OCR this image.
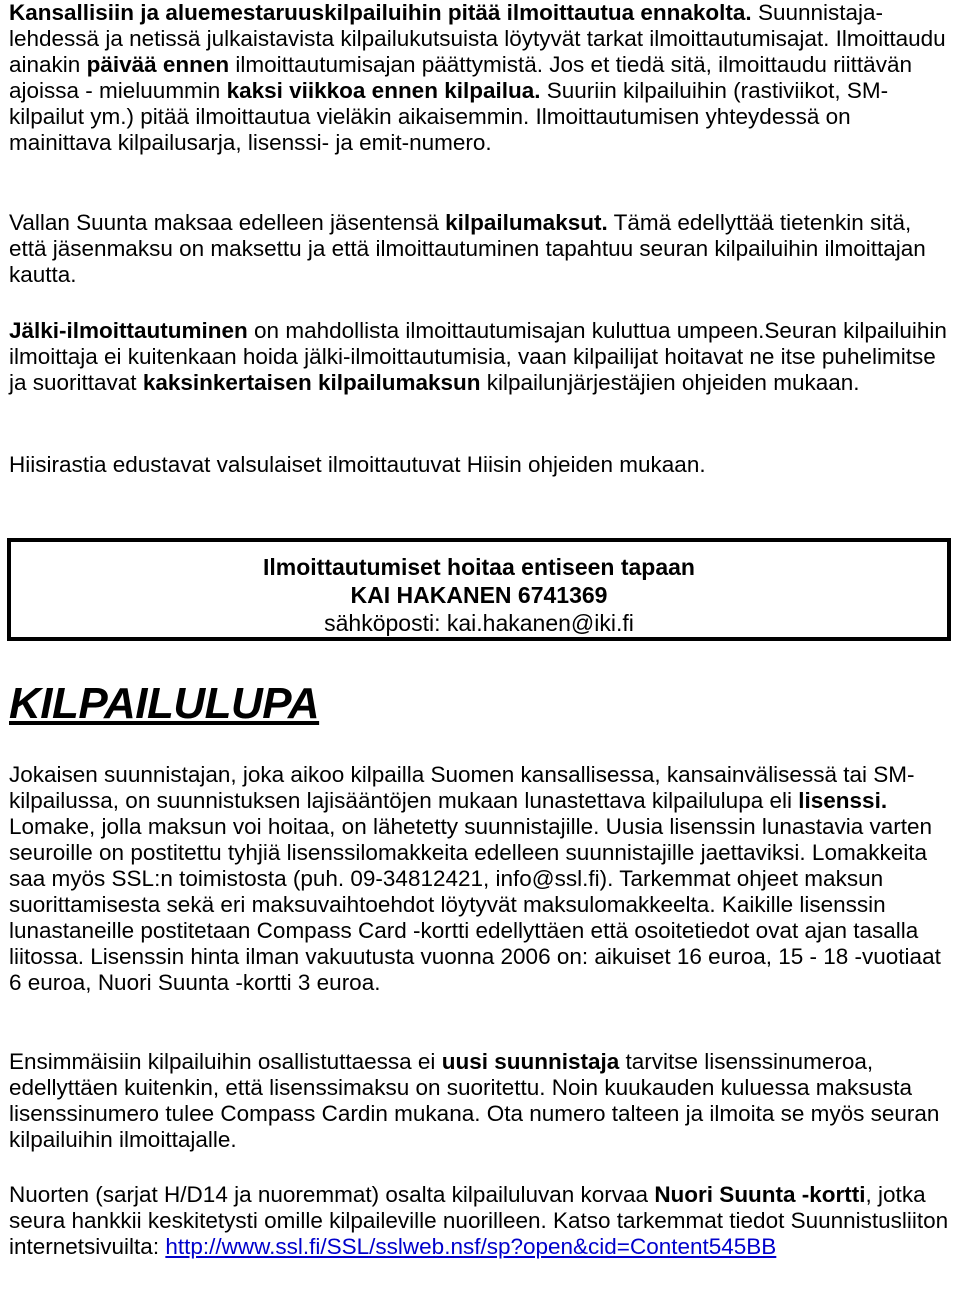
Kansallisiin ja aluemestaruuskilpailuihin pitää ilmoittautua ennakolta. Suunnistaja-lehdessä ja netissä julkaistavista kilpailukutsuista löytyvät tarkat ilmoittautumisajat. Ilmoittaudu ainakin päivää ennen ilmoittautumisajan päättymistä. Jos et tiedä sitä, ilmoittaudu riittävän ajoissa - mieluummin kaksi viikkoa ennen kilpailua. Suuriin kilpailuihin (rastiviikot, SM-kilpailut ym.) pitää ilmoittautua vieläkin aikaisemmin. Ilmoittautumisen yhteydessä on mainittava kilpailusarja, lisenssi- ja emit-numero.

Vallan Suunta maksaa edelleen jäsentensä kilpailumaksut. Tämä edellyttää tietenkin sitä, että jäsenmaksu on maksettu ja että ilmoittautuminen tapahtuu seuran kilpailuihin ilmoittajan kautta.

Jälki-ilmoittautuminen on mahdollista ilmoittautumisajan kuluttua umpeen.Seuran kilpailuihin ilmoittaja ei kuitenkaan hoida jälki-ilmoittautumisia, vaan kilpailijat hoitavat ne itse puhelimitse ja suorittavat kaksinkertaisen kilpailumaksun kilpailunjärjestäjien ohjeiden mukaan.

Hiisirastia edustavat valsulaiset ilmoittautuvat Hiisin ohjeiden mukaan.

Ilmoittautumiset hoitaa entiseen tapaan
KAI HAKANEN 6741369
sähköposti: kai.hakanen@iki.fi
KILPAILULUPA

Jokaisen suunnistajan, joka aikoo kilpailla Suomen kansallisessa, kansainvälisessä tai SM-kilpailussa, on suunnistuksen lajisääntöjen mukaan lunastettava kilpailulupa eli lisenssi. Lomake, jolla maksun voi hoitaa, on lähetetty suunnistajille. Uusia lisenssin lunastavia varten seuroille on postitettu tyhjiä lisenssilomakkeita edelleen suunnistajille jaettaviksi. Lomakkeita saa myös SSL:n toimistosta (puh. 09-34812421, info@ssl.fi). Tarkemmat ohjeet maksun suorittamisesta sekä eri maksuvaihtoehdot löytyvät maksulomakkeelta. Kaikille lisenssin lunastaneille postitetaan Compass Card -kortti edellyttäen että osoitetiedot ovat ajan tasalla liitossa. Lisenssin hinta ilman vakuutusta vuonna 2006 on: aikuiset 16 euroa, 15 - 18 -vuotiaat 6 euroa, Nuori Suunta -kortti 3 euroa.

Ensimmäisiin kilpailuihin osallistuttaessa ei uusi suunnistaja tarvitse lisenssinumeroa, edellyttäen kuitenkin, että lisenssimaksu on suoritettu. Noin kuukauden kuluessa maksusta lisenssinumero tulee Compass Cardin mukana. Ota numero talteen ja ilmoita se myös seuran kilpailuihin ilmoittajalle.

Nuorten (sarjat H/D14 ja nuoremmat) osalta kilpailuluvan korvaa Nuori Suunta -kortti, jotka seura hankkii keskitetysti omille kilpaileville nuorilleen. Katso tarkemmat tiedot Suunnistusliiton internetsivuilta: http://www.ssl.fi/SSL/sslweb.nsf/sp?open&cid=Content545BB
